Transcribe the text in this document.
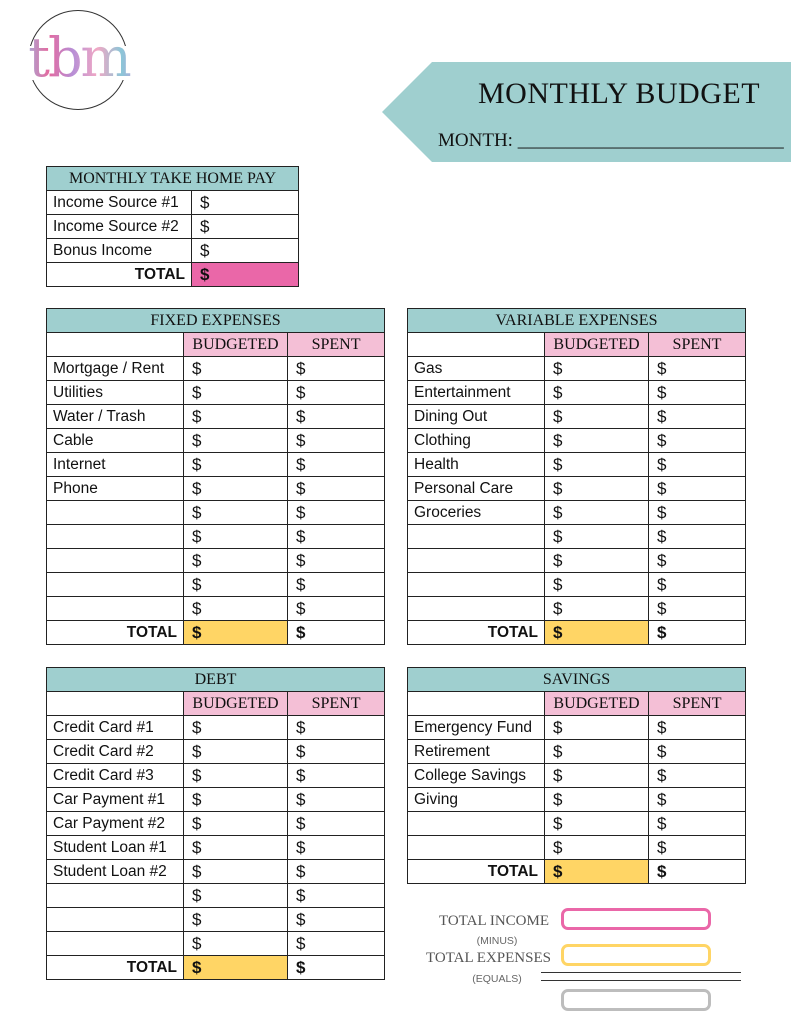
tbm
MONTHLY BUDGET
MONTH: ____________________________
MONTHLY TAKE HOME PAY	
Income Source #1	$
Income Source #2	$
Bonus Income	$
TOTAL	$
FIXED EXPENSES		
	BUDGETED	SPENT
Mortgage / Rent	$	$
Utilities	$	$
Water / Trash	$	$
Cable	$	$
Internet	$	$
Phone	$	$
	$	$
	$	$
	$	$
	$	$
	$	$
TOTAL	$	$
VARIABLE EXPENSES		
	BUDGETED	SPENT
Gas	$	$
Entertainment	$	$
Dining Out	$	$
Clothing	$	$
Health	$	$
Personal Care	$	$
Groceries	$	$
	$	$
	$	$
	$	$
	$	$
TOTAL	$	$
DEBT		
	BUDGETED	SPENT
Credit Card #1	$	$
Credit Card #2	$	$
Credit Card #3	$	$
Car Payment #1	$	$
Car Payment #2	$	$
Student Loan #1	$	$
Student Loan #2	$	$
	$	$
	$	$
	$	$
TOTAL	$	$
SAVINGS		
	BUDGETED	SPENT
Emergency Fund	$	$
Retirement	$	$
College Savings	$	$
Giving	$	$
	$	$
	$	$
TOTAL	$	$
TOTAL INCOME
(MINUS)
TOTAL EXPENSES
(EQUALS)
